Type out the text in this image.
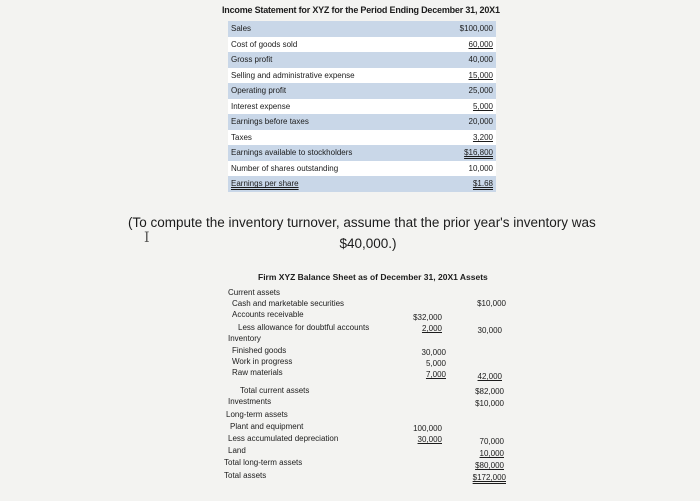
Income Statement for XYZ for the Period Ending December 31, 20X1
Sales	$100,000
Cost of goods sold	60,000
Gross profit	40,000
Selling and administrative expense	15,000
Operating profit	25,000
Interest expense	5,000
Earnings before taxes	20,000
Taxes	3,200
Earnings available to stockholders	$16,800
Number of shares outstanding	10,000
Earnings per share	$1.68
(To compute the inventory turnover, assume that the prior year's inventory was
$40,000.)
I
Firm XYZ Balance Sheet as of December 31, 20X1 Assets
Current assets
Cash and marketable securities	$10,000
Accounts receivable	$32,000
Less allowance for doubtful accounts	2,000	30,000
Inventory
Finished goods	30,000
Work in progress	5,000
Raw materials	7,000	42,000
Total current assets	$82,000
Investments	$10,000
Long-term assets
Plant and equipment	100,000
Less accumulated depreciation	30,000	70,000
Land	10,000
Total long-term assets	$80,000
Total assets	$172,000
